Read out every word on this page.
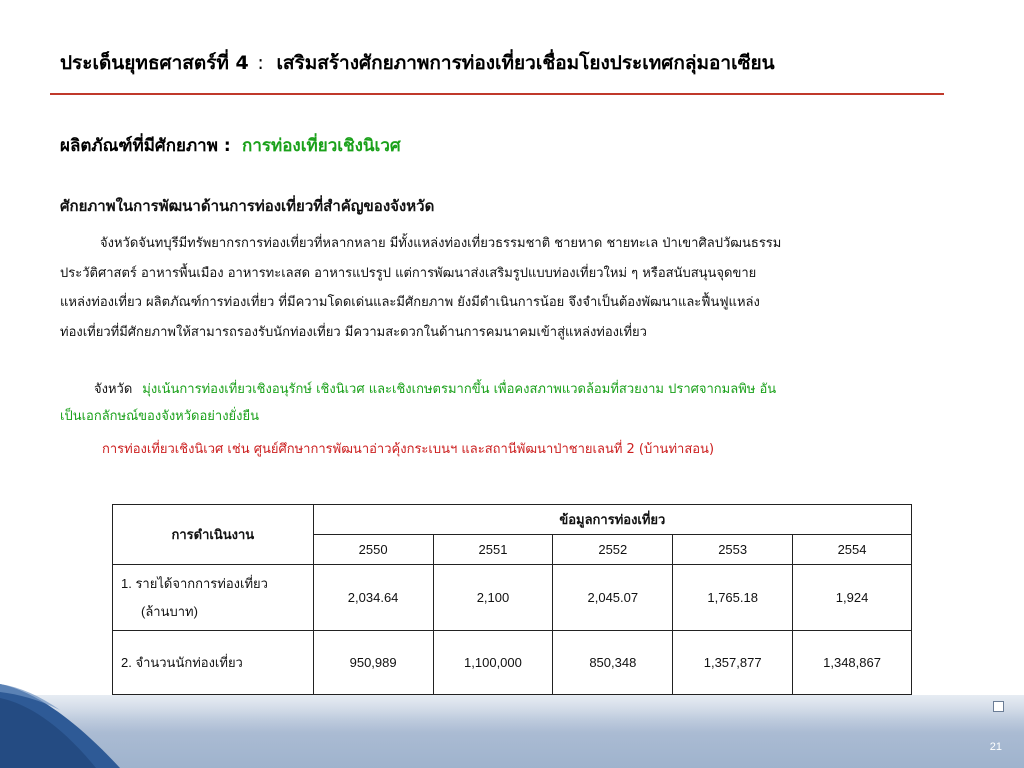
ประเด็นยุทธศาสตร์ที่ 4 : เสริมสร้างศักยภาพการท่องเที่ยวเชื่อมโยงประเทศกลุ่มอาเซียน
ผลิตภัณฑ์ที่มีศักยภาพ : การท่องเที่ยวเชิงนิเวศ
ศักยภาพในการพัฒนาด้านการท่องเที่ยวที่สำคัญของจังหวัด
จังหวัดจันทบุรีมีทรัพยากรการท่องเที่ยวที่หลากหลาย มีทั้งแหล่งท่องเที่ยวธรรมชาติ ชายหาด ชายทะเล ป่าเขาศิลปวัฒนธรรม
ประวัติศาสตร์ อาหารพื้นเมือง อาหารทะเลสด อาหารแปรรูป แต่การพัฒนาส่งเสริมรูปแบบท่องเที่ยวใหม่ ๆ หรือสนับสนุนจุดขาย
แหล่งท่องเที่ยว ผลิตภัณฑ์การท่องเที่ยว ที่มีความโดดเด่นและมีศักยภาพ ยังมีดำเนินการน้อย จึงจำเป็นต้องพัฒนาและฟื้นฟูแหล่ง
ท่องเที่ยวที่มีศักยภาพให้สามารถรองรับนักท่องเที่ยว มีความสะดวกในด้านการคมนาคมเข้าสู่แหล่งท่องเที่ยว
จังหวัด มุ่งเน้นการท่องเที่ยวเชิงอนุรักษ์ เชิงนิเวศ และเชิงเกษตรมากขึ้น เพื่อคงสภาพแวดล้อมที่สวยงาม ปราศจากมลพิษ อัน
เป็นเอกลักษณ์ของจังหวัดอย่างยั่งยืน
การท่องเที่ยวเชิงนิเวศ เช่น ศูนย์ศึกษาการพัฒนาอ่าวคุ้งกระเบนฯ และสถานีพัฒนาป่าชายเลนที่ 2 (บ้านท่าสอน)
การดำเนินงาน	ข้อมูลการท่องเที่ยว				
	2550	2551	2552	2553	2554
1. รายได้จากการท่องเที่ยว
(ล้านบาท)	2,034.64	2,100	2,045.07	1,765.18	1,924
2. จำนวนนักท่องเที่ยว	950,989	1,100,000	850,348	1,357,877	1,348,867
21
